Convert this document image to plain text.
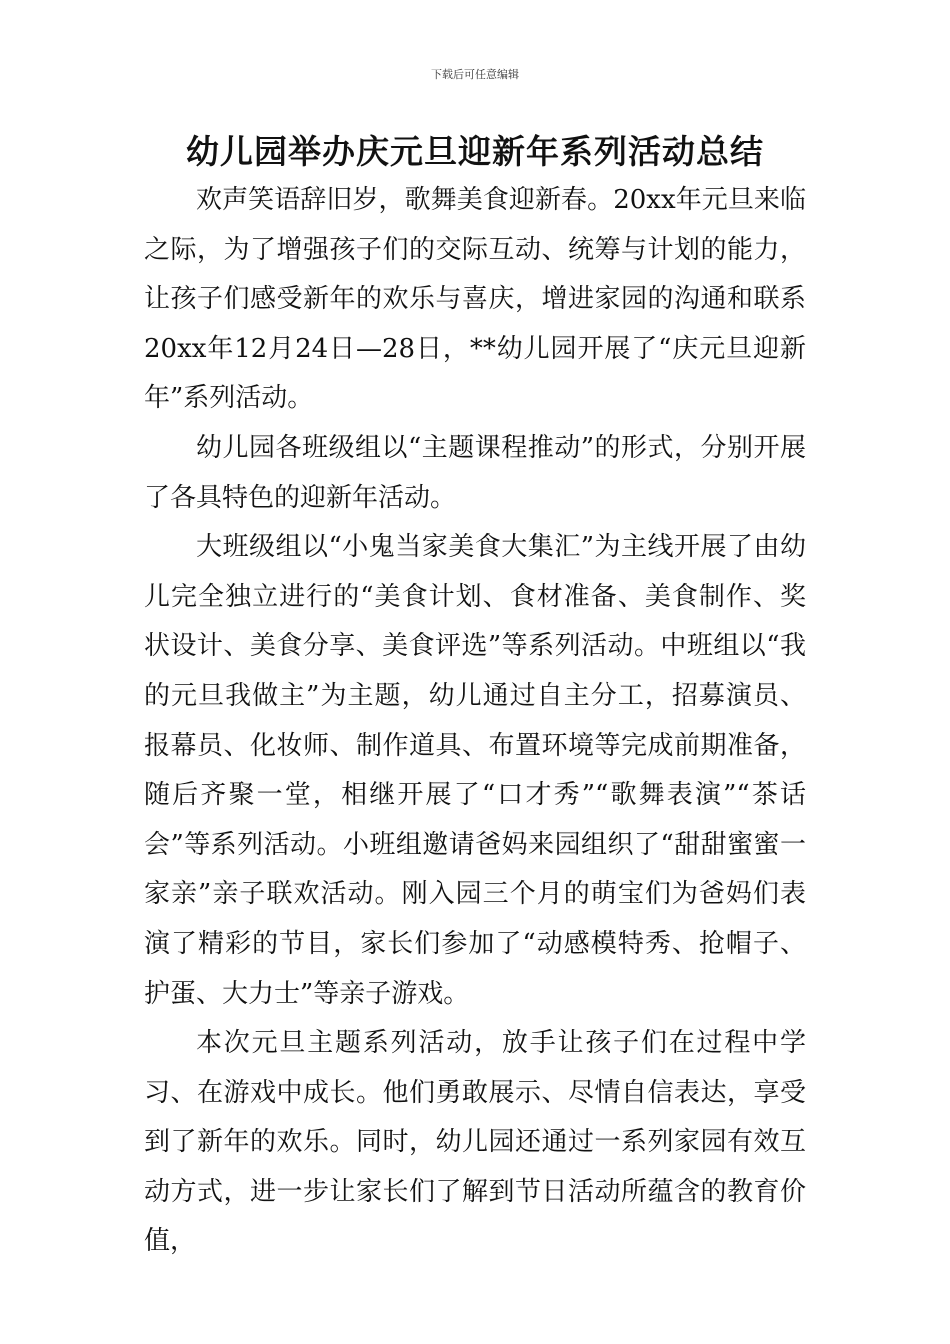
下载后可任意编辑
幼儿园举办庆元旦迎新年系列活动总结

欢声笑语辞旧岁，歌舞美食迎新春。20xx年元旦来临之际，为了增强孩子们的交际互动、统筹与计划的能力，让孩子们感受新年的欢乐与喜庆，增进家园的沟通和联系20xx年12月24日—28日，**幼儿园开展了“庆元旦迎新年”系列活动。

幼儿园各班级组以“主题课程推动”的形式，分别开展了各具特色的迎新年活动。

大班级组以“小鬼当家美食大集汇”为主线开展了由幼儿完全独立进行的“美食计划、食材准备、美食制作、奖状设计、美食分享、美食评选”等系列活动。中班组以“我的元旦我做主”为主题，幼儿通过自主分工，招募演员、报幕员、化妆师、制作道具、布置环境等完成前期准备，随后齐聚一堂，相继开展了“口才秀”“歌舞表演”“茶话会”等系列活动。小班组邀请爸妈来园组织了“甜甜蜜蜜一家亲”亲子联欢活动。刚入园三个月的萌宝们为爸妈们表演了精彩的节目，家长们参加了“动感模特秀、抢帽子、护蛋、大力士”等亲子游戏。

本次元旦主题系列活动，放手让孩子们在过程中学习、在游戏中成长。他们勇敢展示、尽情自信表达，享受到了新年的欢乐。同时，幼儿园还通过一系列家园有效互动方式，进一步让家长们了解到节日活动所蕴含的教育价值，
